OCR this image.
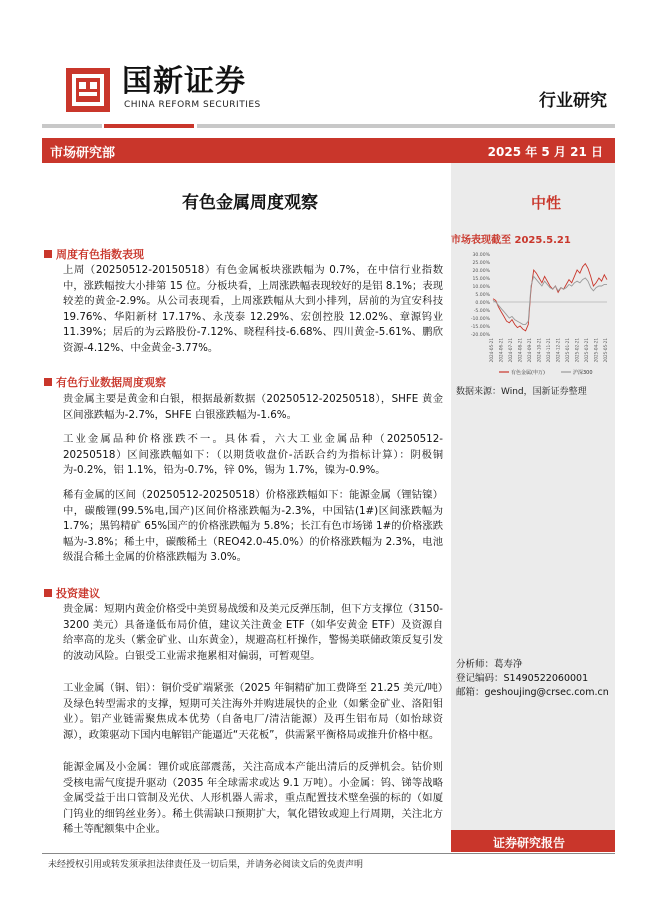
国新证券
CHINA REFORM SECURITIES	行业研究
市场研究部	2025 年 5 月 21 日
有色金属周度观察	中性
市场表现截至 2025.5.21
30.00%
25.00%
20.00%
15.00%
10.00%
5.00%
0.00%
-5.00%
-10.00%
-15.00%
-20.00%
2024-05-21 2024-06-21 2024-07-21 2024-08-21 2024-09-21 2024-10-21 2024-11-21 2024-12-21 2025-01-21 2025-02-21 2025-03-21 2025-04-21 2025-05-21
有色金属(申万)	沪深300
数据来源：Wind，国新证券整理
周度有色指数表现
上周（20250512-20150518）有色金属板块涨跌幅为 0.7%，在中信行业指数中，涨跌幅按大小排第 15 位。分板块看，上周涨跌幅表现较好的是铝 8.1%；表现较差的黄金-2.9%。从公司表现看，上周涨跌幅从大到小排列，居前的为宜安科技 19.76%、华阳新材 17.17%、永茂泰 12.29%、宏创控股 12.02%、章源钨业 11.39%；居后的为云路股份-7.12%、晓程科技-6.68%、四川黄金-5.61%、鹏欣资源-4.12%、中金黄金-3.77%。
有色行业数据周度观察
贵金属主要是黄金和白银，根据最新数据（20250512-20250518），SHFE 黄金区间涨跌幅为-2.7%，SHFE 白银涨跌幅为-1.6%。
工业金属品种价格涨跌不一。具体看，六大工业金属品种（20250512-20250518）区间涨跌幅如下：（以期货收盘价-活跃合约为指标计算）：阴极铜为-0.2%，铝 1.1%，铅为-0.7%，锌 0%，锡为 1.7%，镍为-0.9%。
稀有金属的区间（20250512-20250518）价格涨跌幅如下：能源金属（锂钴镍）中，碳酸锂(99.5%电,国产)区间价格涨跌幅为-2.3%，中国钴(1#)区间涨跌幅为 1.7%；黑钨精矿 65%国产的价格涨跌幅为 5.8%；长江有色市场锑 1#的价格涨跌幅为-3.8%；稀土中，碳酸稀土（REO42.0-45.0%）的价格涨跌幅为 2.3%，电池级混合稀土金属的价格涨跌幅为 3.0%。
投资建议
贵金属：短期内黄金价格受中美贸易战缓和及美元反弹压制，但下方支撑位（3150-3200 美元）具备逢低布局价值，建议关注黄金 ETF（如华安黄金 ETF）及资源自给率高的龙头（紫金矿业、山东黄金），规避高杠杆操作，警惕美联储政策反复引发的波动风险。白银受工业需求拖累相对偏弱，可暂观望。
工业金属（铜、铝）：铜价受矿端紧张（2025 年铜精矿加工费降至 21.25 美元/吨）及绿色转型需求的支撑，短期可关注海外并购进展快的企业（如紫金矿业、洛阳钼业）。铝产业链需聚焦成本优势（自备电厂/清洁能源）及再生铝布局（如怡球资源），政策驱动下国内电解铝产能逼近“天花板”，供需紧平衡格局或推升价格中枢。
能源金属及小金属：锂价或底部震荡，关注高成本产能出清后的反弹机会。钴价则受核电需气度提升驱动（2035 年全球需求或达 9.1 万吨）。小金属：钨、锑等战略金属受益于出口管制及光伏、人形机器人需求，重点配置技术壁垒强的标的（如厦门钨业的细钨丝业务）。稀土供需缺口预期扩大，氧化镨钕或迎上行周期，关注北方稀土等配额集中企业。
分析师：葛寿净
登记编码：S1490522060001
邮箱：geshoujing@crsec.com.cn
证券研究报告
未经授权引用或转发须承担法律责任及一切后果，并请务必阅读文后的免责声明
